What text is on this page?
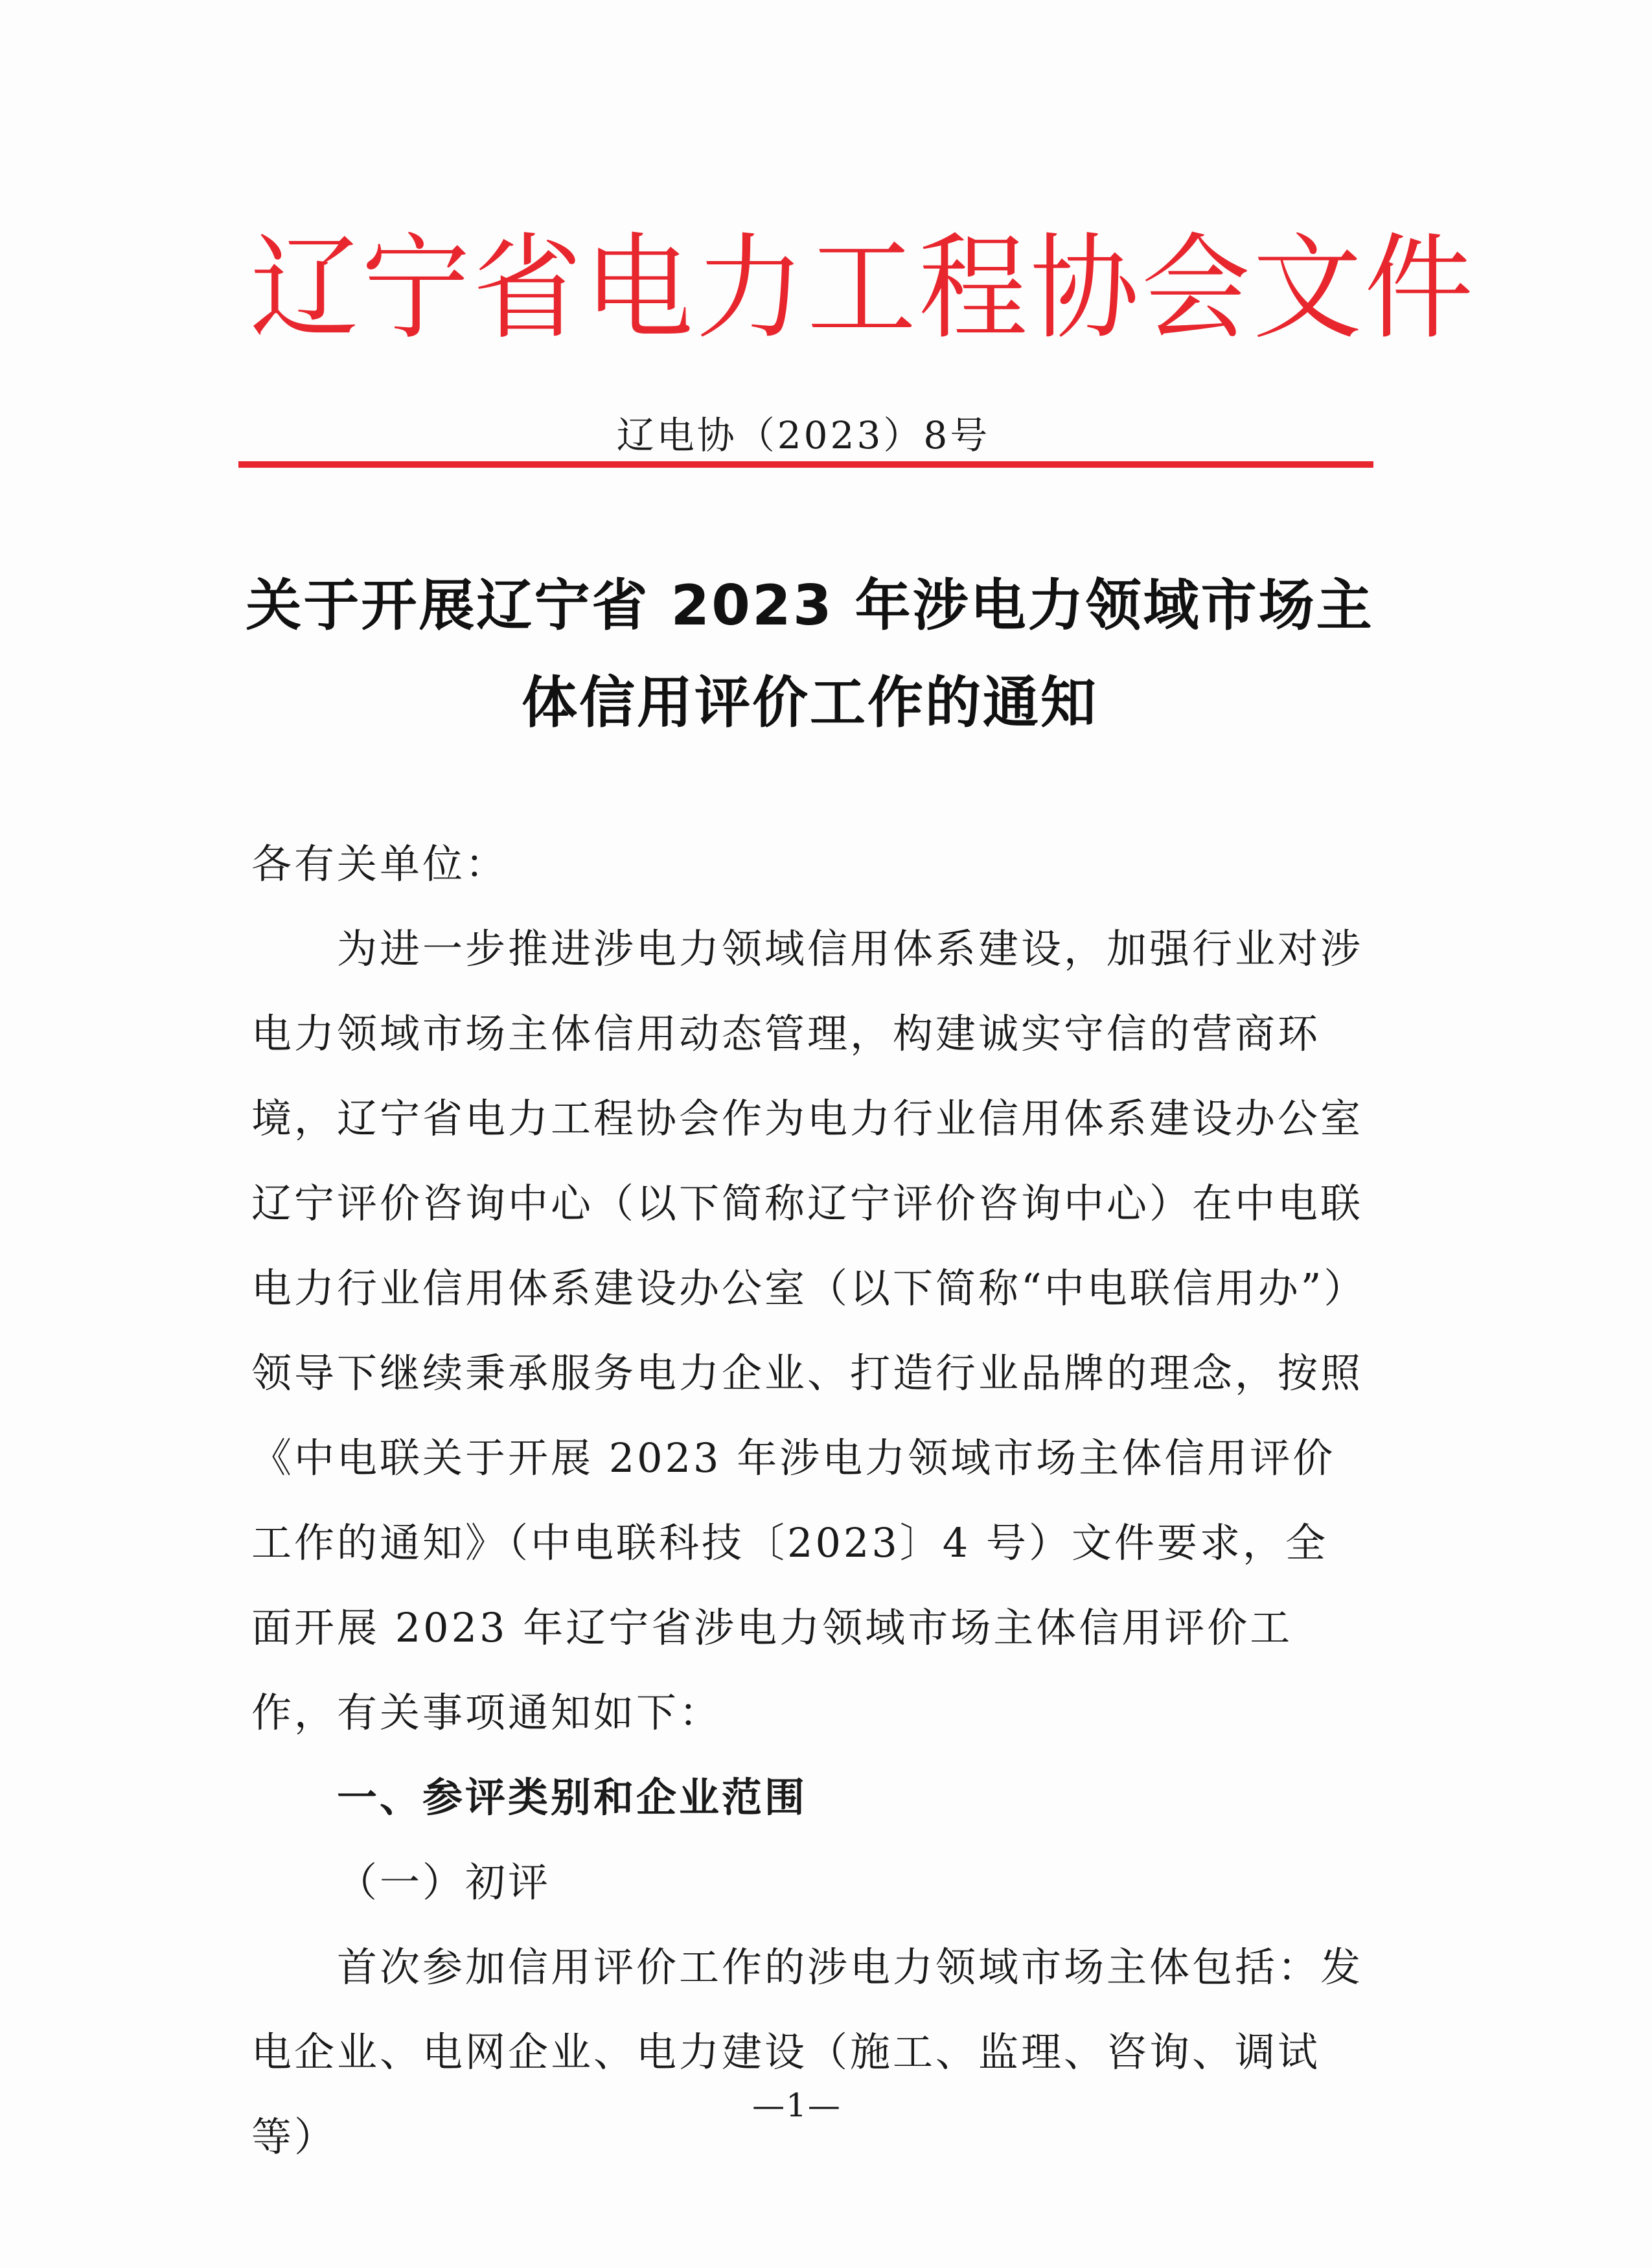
辽宁省电力工程协会文件
辽电协（2023）8号
关于开展辽宁省 2023 年涉电力领域市场主
体信用评价工作的通知

各有关单位：

为进一步推进涉电力领域信用体系建设，加强行业对涉电力领域市场主体信用动态管理，构建诚实守信的营商环境，辽宁省电力工程协会作为电力行业信用体系建设办公室辽宁评价咨询中心（以下简称辽宁评价咨询中心）在中电联电力行业信用体系建设办公室（以下简称“中电联信用办”）领导下继续秉承服务电力企业、打造行业品牌的理念，按照《中电联关于开展 2023 年涉电力领域市场主体信用评价工作的通知》（中电联科技〔2023〕4 号）文件要求，全面开展 2023 年辽宁省涉电力领域市场主体信用评价工作，有关事项通知如下：

一、参评类别和企业范围

（一）初评

首次参加信用评价工作的涉电力领域市场主体包括：发电企业、电网企业、电力建设（施工、监理、咨询、调试等）

—1—
